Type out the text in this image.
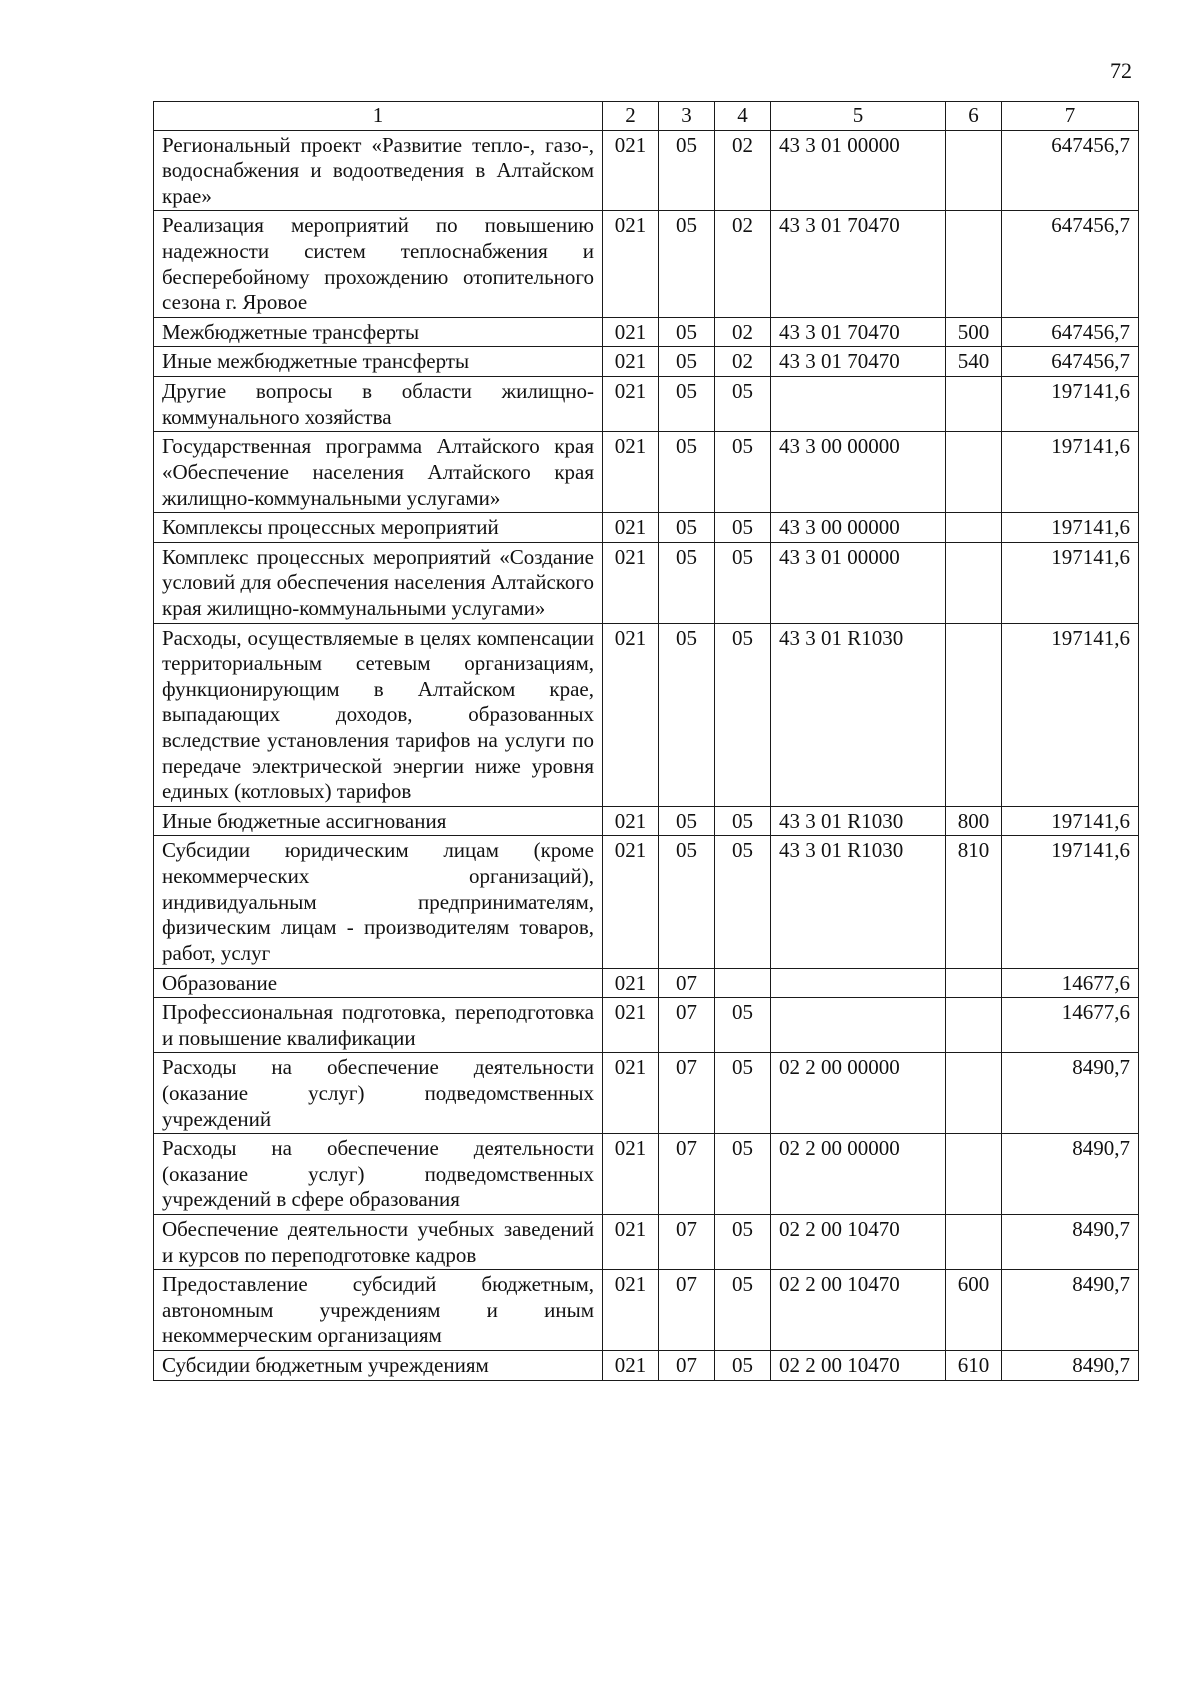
72
1	2	3	4	5	6	7
Региональный проект «Развитие тепло-, газо-, водоснабжения и водоотведения в Алтайском крае»	021	05	02	43 3 01 00000		647456,7
Реализация мероприятий по повышению надежности систем теплоснабжения и бесперебойному прохождению отопительного сезона г. Яровое	021	05	02	43 3 01 70470		647456,7
Межбюджетные трансферты	021	05	02	43 3 01 70470	500	647456,7
Иные межбюджетные трансферты	021	05	02	43 3 01 70470	540	647456,7
Другие вопросы в области жилищно-коммунального хозяйства	021	05	05			197141,6
Государственная программа Алтайского края «Обеспечение населения Алтайского края жилищно-коммунальными услугами»	021	05	05	43 3 00 00000		197141,6
Комплексы процессных мероприятий	021	05	05	43 3 00 00000		197141,6
Комплекс процессных мероприятий «Создание условий для обеспечения населения Алтайского края жилищно-коммунальными услугами»	021	05	05	43 3 01 00000		197141,6
Расходы, осуществляемые в целях компенсации территориальным сетевым организациям, функционирующим в Алтайском крае, выпадающих доходов, образованных вследствие установления тарифов на услуги по передаче электрической энергии ниже уровня единых (котловых) тарифов	021	05	05	43 3 01 R1030		197141,6
Иные бюджетные ассигнования	021	05	05	43 3 01 R1030	800	197141,6
Субсидии юридическим лицам (кроме некоммерческих организаций), индивидуальным предпринимателям, физическим лицам - производителям товаров, работ, услуг	021	05	05	43 3 01 R1030	810	197141,6
Образование	021	07				14677,6
Профессиональная подготовка, переподготовка и повышение квалификации	021	07	05			14677,6
Расходы на обеспечение деятельности (оказание услуг) подведомственных учреждений	021	07	05	02 2 00 00000		8490,7
Расходы на обеспечение деятельности (оказание услуг) подведомственных учреждений в сфере образования	021	07	05	02 2 00 00000		8490,7
Обеспечение деятельности учебных заведений и курсов по переподготовке кадров	021	07	05	02 2 00 10470		8490,7
Предоставление субсидий бюджетным, автономным учреждениям и иным некоммерческим организациям	021	07	05	02 2 00 10470	600	8490,7
Субсидии бюджетным учреждениям	021	07	05	02 2 00 10470	610	8490,7
